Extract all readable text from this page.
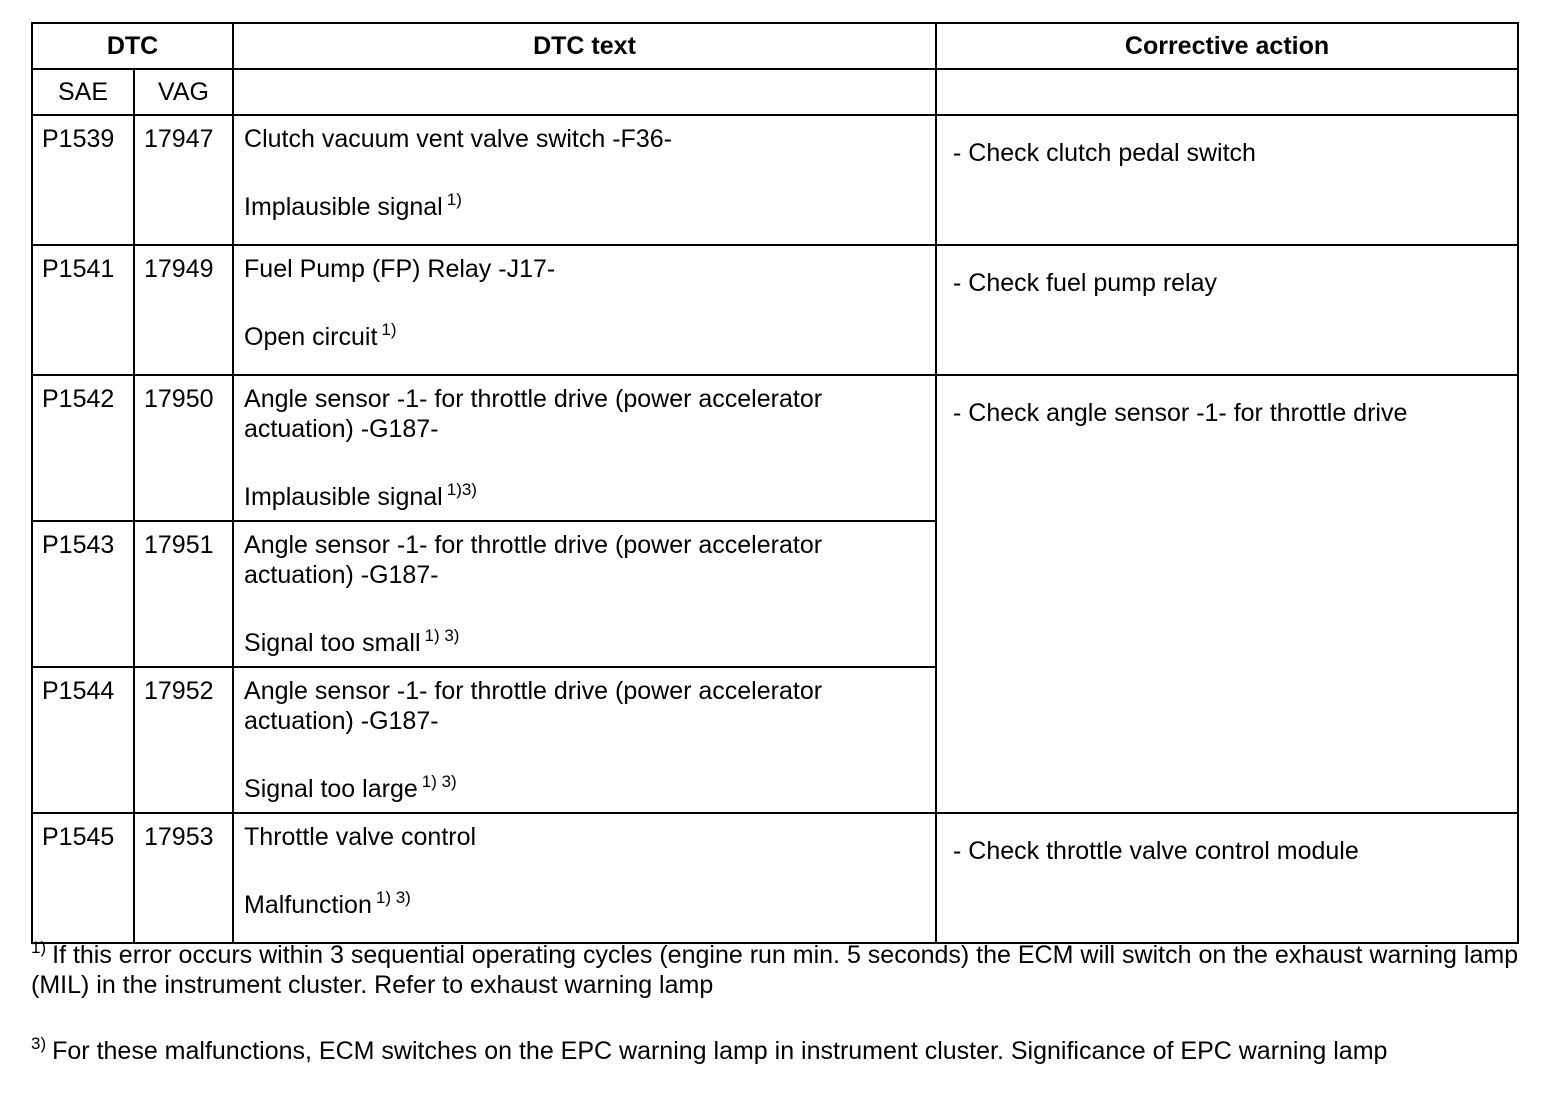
DTC		DTC text	Corrective action
SAE	VAG		
P1539	17947	Clutch vacuum vent valve switch -F36-
Implausible signal $^{1)}$	- Check clutch pedal switch
P1541	17949	Fuel Pump (FP) Relay -J17-
Open circuit $^{1)}$	- Check fuel pump relay
P1542	17950	Angle sensor -1- for throttle drive (power accelerator actuation) -G187-
Implausible signal $^{1)3)}$	- Check angle sensor -1- for throttle drive
P1543	17951	Angle sensor -1- for throttle drive (power accelerator actuation) -G187-
Signal too small $^{1) 3)}$

P1544	17952	Angle sensor -1- for throttle drive (power accelerator actuation) -G187-
Signal too large $^{1) 3)}$

P1545	17953	Throttle valve control
Malfunction $^{1) 3)}$	- Check throttle valve control module
$^{1)}$ If this error occurs within 3 sequential operating cycles (engine run min. 5 seconds) the ECM will switch on the exhaust warning lamp (MIL) in the instrument cluster. Refer to exhaust warning lamp
$^{3)}$ For these malfunctions, ECM switches on the EPC warning lamp in instrument cluster. Significance of EPC warning lamp
